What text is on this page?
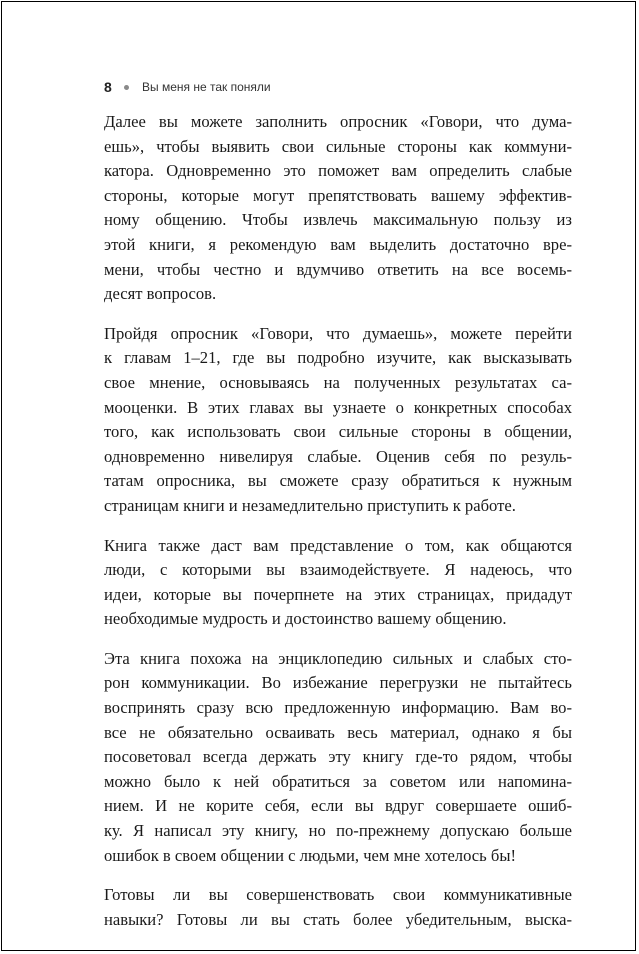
8	Вы меня не так поняли
Далее вы можете заполнить опросник «Говори, что дума-
ешь», чтобы выявить свои сильные стороны как коммуни-
катора. Одновременно это поможет вам определить слабые
стороны, которые могут препятствовать вашему эффектив-
ному общению. Чтобы извлечь максимальную пользу из
этой книги, я рекомендую вам выделить достаточно вре-
мени, чтобы честно и вдумчиво ответить на все восемь-
десят вопросов.
Пройдя опросник «Говори, что думаешь», можете перейти
к главам 1–21, где вы подробно изучите, как высказывать
свое мнение, основываясь на полученных результатах са-
мооценки. В этих главах вы узнаете о конкретных способах
того, как использовать свои сильные стороны в общении,
одновременно нивелируя слабые. Оценив себя по резуль-
татам опросника, вы сможете сразу обратиться к нужным
страницам книги и незамедлительно приступить к работе.
Книга также даст вам представление о том, как общаются
люди, с которыми вы взаимодействуете. Я надеюсь, что
идеи, которые вы почерпнете на этих страницах, придадут
необходимые мудрость и достоинство вашему общению.
Эта книга похожа на энциклопедию сильных и слабых сто-
рон коммуникации. Во избежание перегрузки не пытайтесь
воспринять сразу всю предложенную информацию. Вам во-
все не обязательно осваивать весь материал, однако я бы
посоветовал всегда держать эту книгу где-то рядом, чтобы
можно было к ней обратиться за советом или напомина-
нием. И не корите себя, если вы вдруг совершаете ошиб-
ку. Я написал эту книгу, но по-прежнему допускаю больше
ошибок в своем общении с людьми, чем мне хотелось бы!
Готовы ли вы совершенствовать свои коммуникативные
навыки? Готовы ли вы стать более убедительным, выска-
